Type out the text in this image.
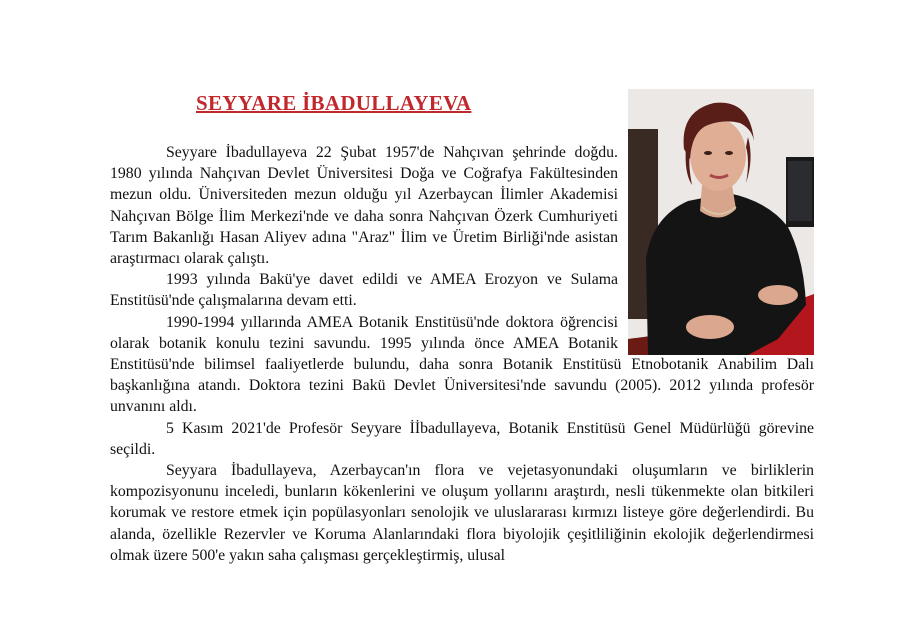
SEYYARE İBADULLAYEVA

Seyyare İbadullayeva 22 Şubat 1957'de Nahçıvan şehrinde doğdu. 1980 yılında Nahçıvan Devlet Üniversitesi Doğa ve Coğrafya Fakültesinden mezun oldu. Üniversiteden mezun olduğu yıl Azerbaycan İlimler Akademisi Nahçıvan Bölge İlim Merkezi'nde ve daha sonra Nahçıvan Özerk Cumhuriyeti Tarım Bakanlığı Hasan Aliyev adına "Araz" İlim ve Üretim Birliği'nde asistan araştırmacı olarak çalıştı.

1993 yılında Bakü'ye davet edildi ve AMEA Erozyon ve Sulama Enstitüsü'nde çalışmalarına devam etti.

1990-1994 yıllarında AMEA Botanik Enstitüsü'nde doktora öğrencisi olarak botanik konulu tezini savundu. 1995 yılında önce AMEA Botanik Enstitüsü'nde bilimsel faaliyetlerde bulundu, daha sonra Botanik Enstitüsü Etnobotanik Anabilim Dalı başkanlığına atandı. Doktora tezini Bakü Devlet Üniversitesi'nde savundu (2005). 2012 yılında profesör unvanını aldı.

5 Kasım 2021'de Profesör Seyyare İİbadullayeva, Botanik Enstitüsü Genel Müdürlüğü görevine seçildi.

Seyyara İbadullayeva, Azerbaycan'ın flora ve vejetasyonundaki oluşumların ve birliklerin kompozisyonunu inceledi, bunların kökenlerini ve oluşum yollarını araştırdı, nesli tükenmekte olan bitkileri korumak ve restore etmek için popülasyonları senolojik ve uluslararası kırmızı listeye göre değerlendirdi. Bu alanda, özellikle Rezervler ve Koruma Alanlarındaki flora biyolojik çeşitliliğinin ekolojik değerlendirmesi olmak üzere 500'e yakın saha çalışması gerçekleştirmiş, ulusal
